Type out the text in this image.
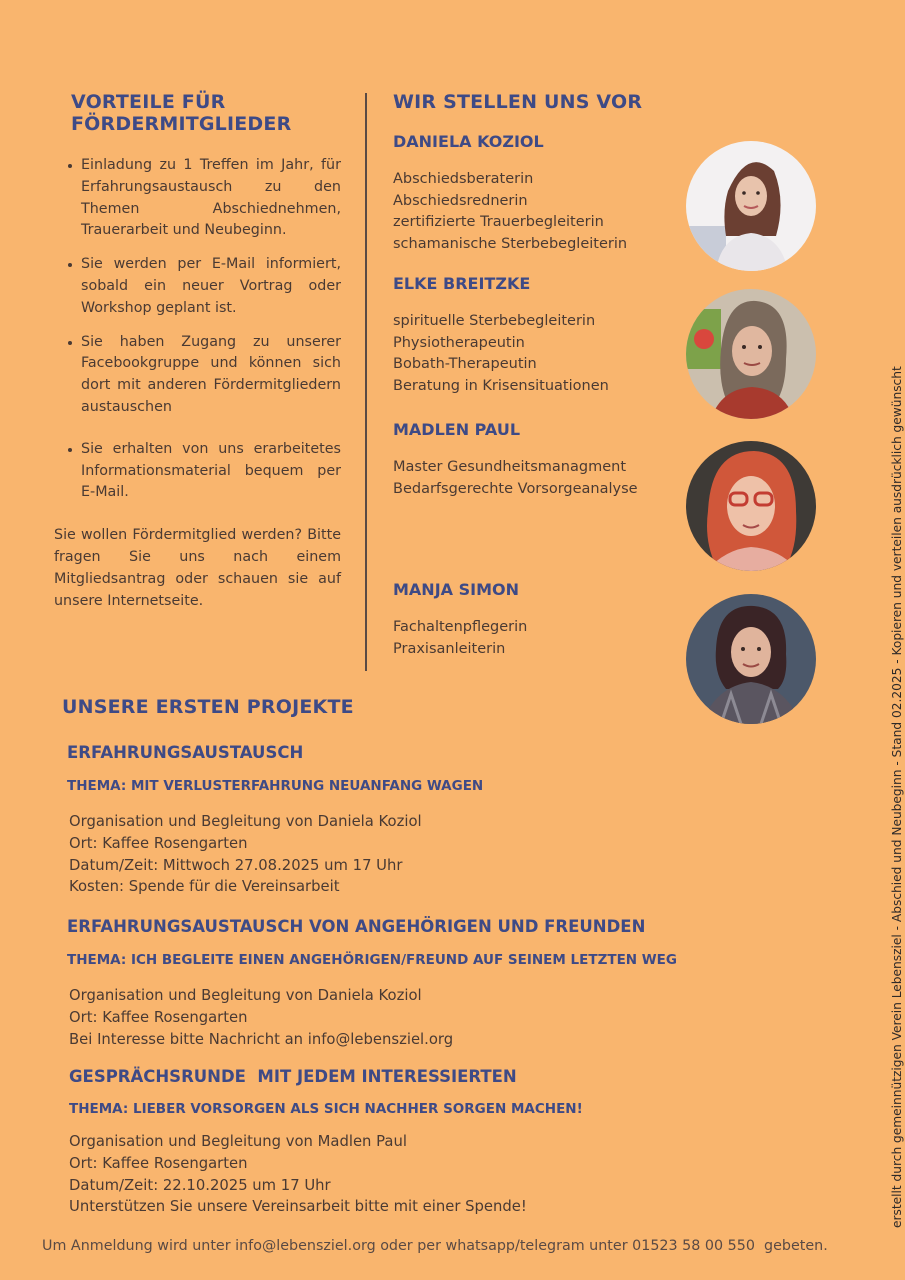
VORTEILE FÜR
FÖRDERMITGLIEDER
Einladung zu 1 Treffen im Jahr, für Erfahrungsaustausch zu den Themen Abschiednehmen, Trauerarbeit und Neubeginn.
Sie werden per E-Mail informiert, sobald ein neuer Vortrag oder Workshop geplant ist.
Sie haben Zugang zu unserer Facebookgruppe und können sich dort mit anderen Fördermitgliedern austauschen
Sie erhalten von uns erarbeitetes Informationsmaterial bequem per E-Mail.
Sie wollen Fördermitglied werden? Bitte fragen Sie uns nach einem Mitgliedsantrag oder schauen sie auf unsere Internetseite.
WIR STELLEN UNS VOR
DANIELA KOZIOL
Abschiedsberaterin
Abschiedsrednerin
zertifizierte Trauerbegleiterin
schamanische Sterbebegleiterin
ELKE BREITZKE
spirituelle Sterbebegleiterin
Physiotherapeutin
Bobath-Therapeutin
Beratung in Krisensituationen
MADLEN PAUL
Master Gesundheitsmanagment
Bedarfsgerechte Vorsorgeanalyse
MANJA SIMON
Fachaltenpflegerin
Praxisanleiterin
UNSERE ERSTEN PROJEKTE
ERFAHRUNGSAUSTAUSCH
THEMA: MIT VERLUSTERFAHRUNG NEUANFANG WAGEN
Organisation und Begleitung von Daniela Koziol
Ort: Kaffee Rosengarten
Datum/Zeit: Mittwoch 27.08.2025 um 17 Uhr
Kosten: Spende für die Vereinsarbeit
ERFAHRUNGSAUSTAUSCH VON ANGEHÖRIGEN UND FREUNDEN
THEMA: ICH BEGLEITE EINEN ANGEHÖRIGEN/FREUND AUF SEINEM LETZTEN WEG
Organisation und Begleitung von Daniela Koziol
Ort: Kaffee Rosengarten
Bei Interesse bitte Nachricht an info@lebensziel.org
GESPRÄCHSRUNDE  MIT JEDEM INTERESSIERTEN
THEMA: LIEBER VORSORGEN ALS SICH NACHHER SORGEN MACHEN!
Organisation und Begleitung von Madlen Paul
Ort: Kaffee Rosengarten
Datum/Zeit: 22.10.2025 um 17 Uhr
Unterstützen Sie unsere Vereinsarbeit bitte mit einer Spende!
Um Anmeldung wird unter info@lebensziel.org oder per whatsapp/telegram unter 01523 58 00 550  gebeten.
erstellt durch gemeinnützigen Verein Lebensziel - Abschied und Neubeginn - Stand 02.2025 - Kopieren und verteilen ausdrücklich gewünscht
